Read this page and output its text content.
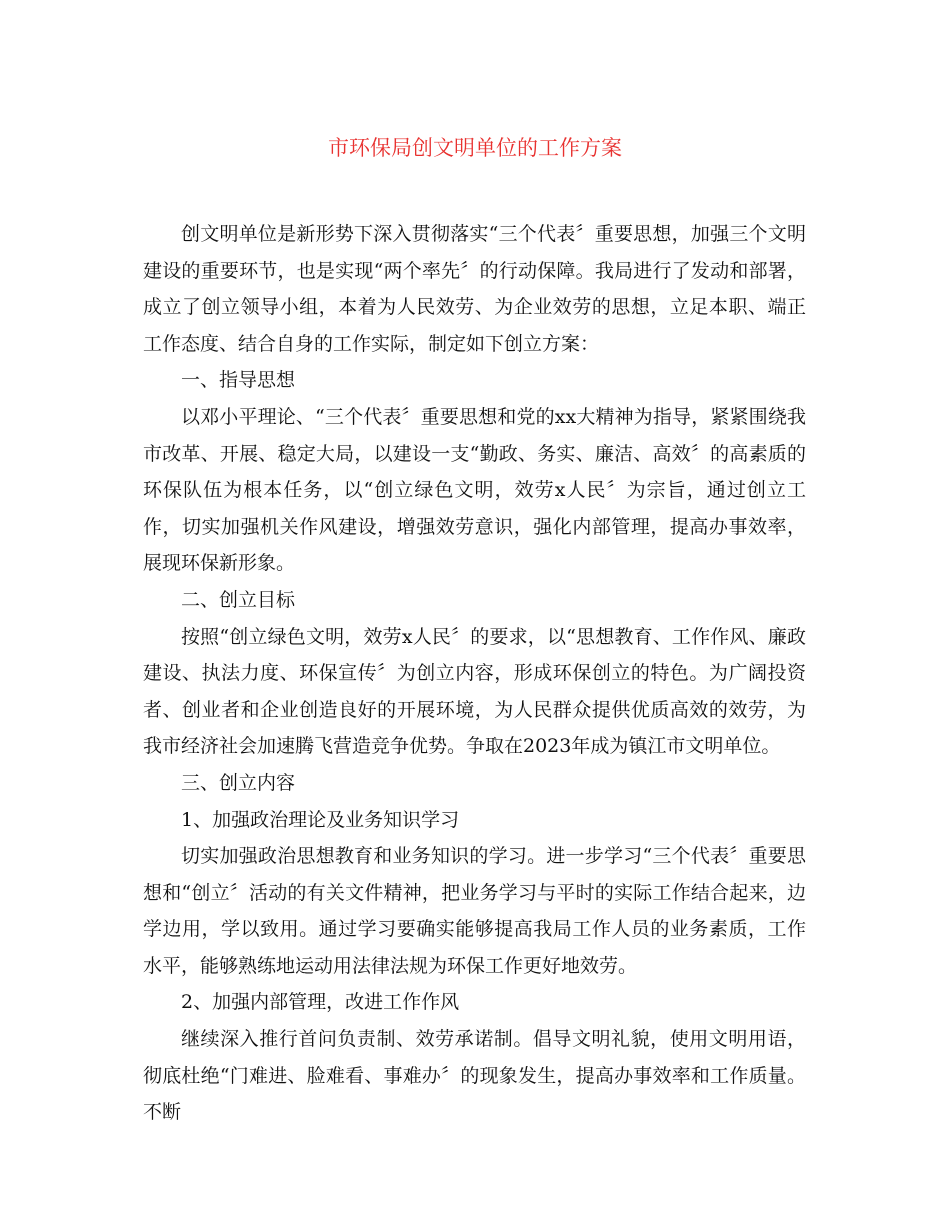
市环保局创文明单位的工作方案

创文明单位是新形势下深入贯彻落实“三个代表〞重要思想，加强三个文明建设的重要环节，也是实现“两个率先〞的行动保障。我局进行了发动和部署，成立了创立领导小组，本着为人民效劳、为企业效劳的思想，立足本职、端正工作态度、结合自身的工作实际，制定如下创立方案：

一、指导思想

以邓小平理论、“三个代表〞重要思想和党的xx大精神为指导，紧紧围绕我市改革、开展、稳定大局，以建设一支“勤政、务实、廉洁、高效〞的高素质的环保队伍为根本任务，以“创立绿色文明，效劳x人民〞为宗旨，通过创立工作，切实加强机关作风建设，增强效劳意识，强化内部管理，提高办事效率，展现环保新形象。

二、创立目标

按照“创立绿色文明，效劳x人民〞的要求，以“思想教育、工作作风、廉政建设、执法力度、环保宣传〞为创立内容，形成环保创立的特色。为广阔投资者、创业者和企业创造良好的开展环境，为人民群众提供优质高效的效劳，为我市经济社会加速腾飞营造竞争优势。争取在2023年成为镇江市文明单位。

三、创立内容

1、加强政治理论及业务知识学习

切实加强政治思想教育和业务知识的学习。进一步学习“三个代表〞重要思想和“创立〞活动的有关文件精神，把业务学习与平时的实际工作结合起来，边学边用，学以致用。通过学习要确实能够提高我局工作人员的业务素质，工作水平，能够熟练地运动用法律法规为环保工作更好地效劳。

2、加强内部管理，改进工作作风

继续深入推行首问负责制、效劳承诺制。倡导文明礼貌，使用文明用语，彻底杜绝“门难进、脸难看、事难办〞的现象发生，提高办事效率和工作质量。不断
